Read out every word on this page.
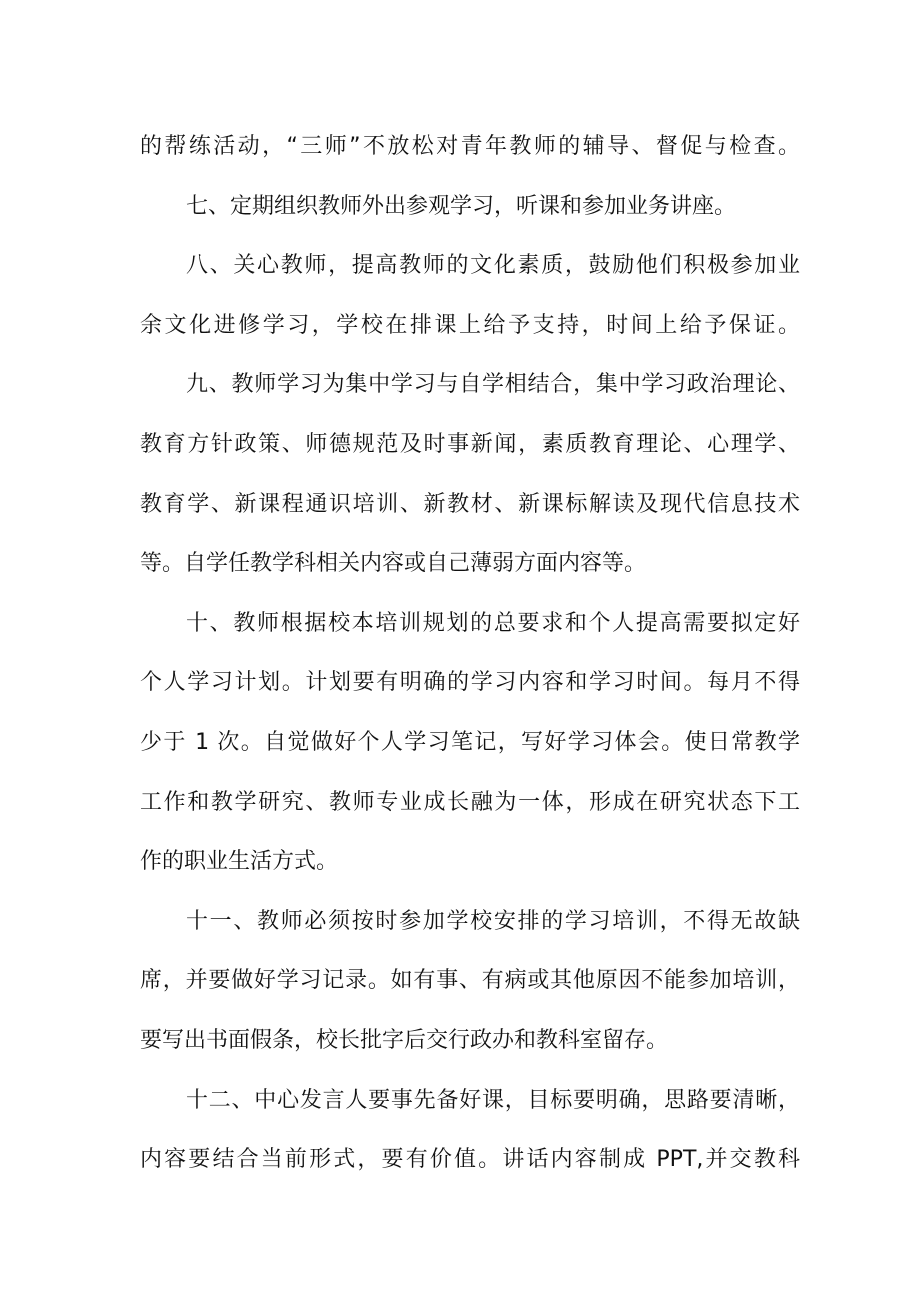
的帮练活动，“三师”不放松对青年教师的辅导、督促与检查。
七、定期组织教师外出参观学习，听课和参加业务讲座。
八、关心教师，提高教师的文化素质，鼓励他们积极参加业
余文化进修学习，学校在排课上给予支持，时间上给予保证。
九、教师学习为集中学习与自学相结合，集中学习政治理论、
教育方针政策、师德规范及时事新闻，素质教育理论、心理学、
教育学、新课程通识培训、新教材、新课标解读及现代信息技术
等。自学任教学科相关内容或自己薄弱方面内容等。
十、教师根据校本培训规划的总要求和个人提高需要拟定好
个人学习计划。计划要有明确的学习内容和学习时间。每月不得
少于 1 次。自觉做好个人学习笔记，写好学习体会。使日常教学
工作和教学研究、教师专业成长融为一体，形成在研究状态下工
作的职业生活方式。
十一、教师必须按时参加学校安排的学习培训，不得无故缺
席，并要做好学习记录。如有事、有病或其他原因不能参加培训，
要写出书面假条，校长批字后交行政办和教科室留存。
十二、中心发言人要事先备好课，目标要明确，思路要清晰，
内容要结合当前形式，要有价值。讲话内容制成 PPT,并交教科
